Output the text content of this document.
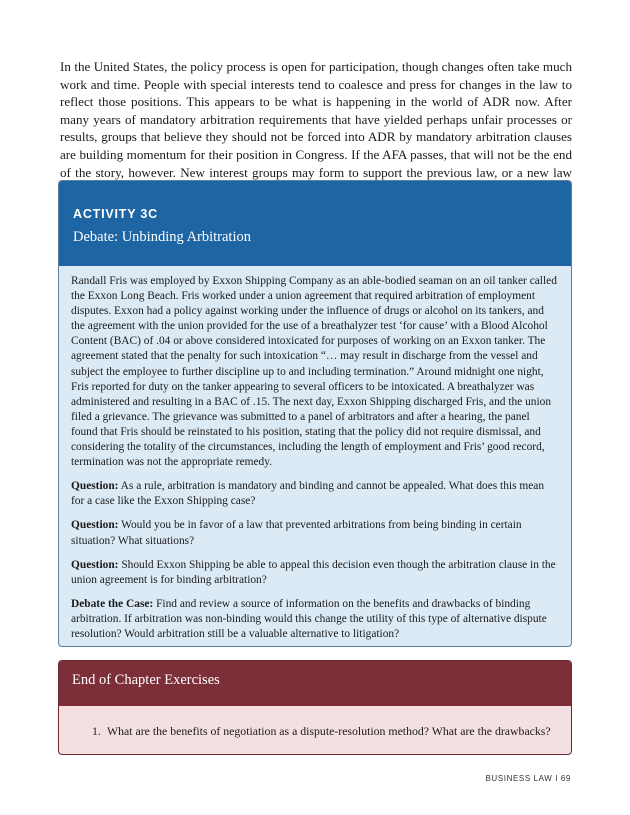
In the United States, the policy process is open for participation, though changes often take much work and time. People with special interests tend to coalesce and press for changes in the law to reflect those positions. This appears to be what is happening in the world of ADR now. After many years of mandatory arbitration requirements that have yielded perhaps unfair processes or results, groups that believe they should not be forced into ADR by mandatory arbitration clauses are building momentum for their position in Congress. If the AFA passes, that will not be the end of the story, however. New interest groups may form to support the previous law, or a new law

ACTIVITY 3C
Debate: Unbinding Arbitration

Randall Fris was employed by Exxon Shipping Company as an able-bodied seaman on an oil tanker called the Exxon Long Beach. Fris worked under a union agreement that required arbitration of employment disputes. Exxon had a policy against working under the influence of drugs or alcohol on its tankers, and the agreement with the union provided for the use of a breathalyzer test ‘for cause’ with a Blood Alcohol Content (BAC) of .04 or above considered intoxicated for purposes of working on an Exxon tanker. The agreement stated that the penalty for such intoxication “… may result in discharge from the vessel and subject the employee to further discipline up to and including termination.” Around midnight one night, Fris reported for duty on the tanker appearing to several officers to be intoxicated. A breathalyzer was administered and resulting in a BAC of .15. The next day, Exxon Shipping discharged Fris, and the union filed a grievance. The grievance was submitted to a panel of arbitrators and after a hearing, the panel found that Fris should be reinstated to his position, stating that the policy did not require dismissal, and considering the totality of the circumstances, including the length of employment and Fris’ good record, termination was not the appropriate remedy.

Question: As a rule, arbitration is mandatory and binding and cannot be appealed. What does this mean for a case like the Exxon Shipping case?

Question: Would you be in favor of a law that prevented arbitrations from being binding in certain situation? What situations?

Question: Should Exxon Shipping be able to appeal this decision even though the arbitration clause in the union agreement is for binding arbitration?

Debate the Case: Find and review a source of information on the benefits and drawbacks of binding arbitration. If arbitration was non-binding would this change the utility of this type of alternative dispute resolution? Would arbitration still be a valuable alternative to litigation?

End of Chapter Exercises
1. What are the benefits of negotiation as a dispute-resolution method? What are the drawbacks?
BUSINESS LAW I 69
